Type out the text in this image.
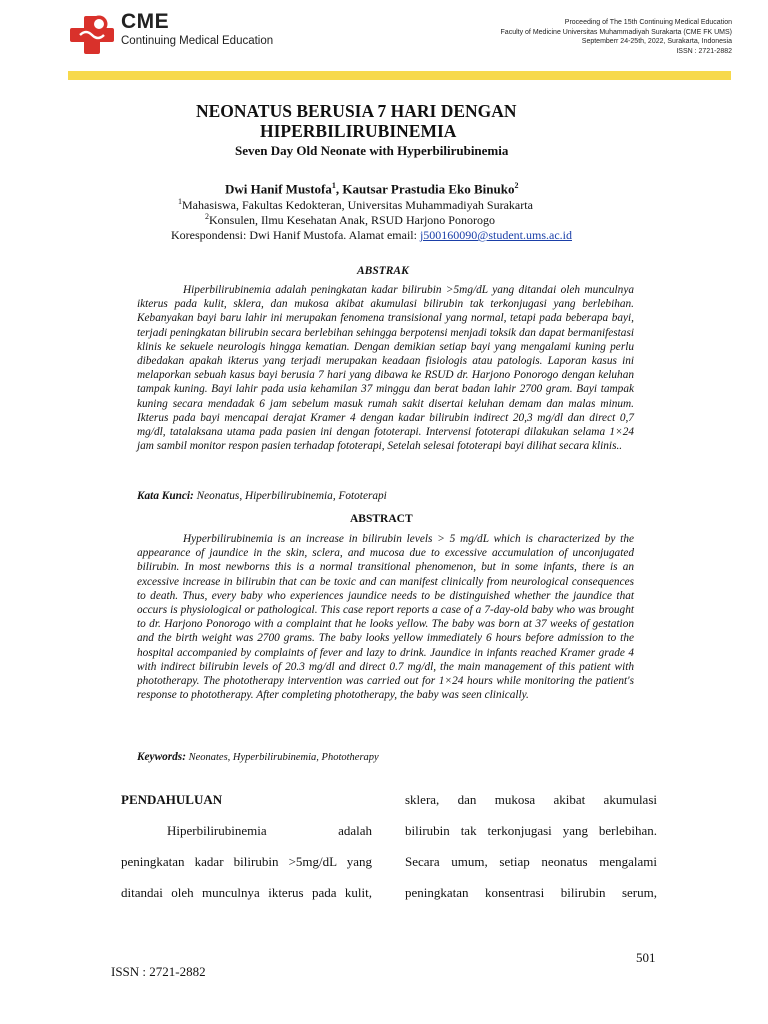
CME
Continuing Medical Education
Proceeding of The 15th Continuing Medical Education
Faculty of Medicine Universitas Muhammadiyah Surakarta (CME FK UMS)
Septemberr 24-25th, 2022, Surakarta, Indonesia
ISSN : 2721-2882
NEONATUS BERUSIA 7 HARI DENGAN
HIPERBILIRUBINEMIA
Seven Day Old Neonate with Hyperbilirubinemia
Dwi Hanif Mustofa$^1$, Kautsar Prastudia Eko Binuko$^2$
$^1$Mahasiswa, Fakultas Kedokteran, Universitas Muhammadiyah Surakarta
$^2$Konsulen, Ilmu Kesehatan Anak, RSUD Harjono Ponorogo
Korespondensi: Dwi Hanif Mustofa. Alamat email: j500160090@student.ums.ac.id
ABSTRAK
Hiperbilirubinemia adalah peningkatan kadar bilirubin >5mg/dL yang ditandai oleh munculnya ikterus pada kulit, sklera, dan mukosa akibat akumulasi bilirubin tak terkonjugasi yang berlebihan. Kebanyakan bayi baru lahir ini merupakan fenomena transisional yang normal, tetapi pada beberapa bayi, terjadi peningkatan bilirubin secara berlebihan sehingga berpotensi menjadi toksik dan dapat bermanifestasi klinis ke sekuele neurologis hingga kematian. Dengan demikian setiap bayi yang mengalami kuning perlu dibedakan apakah ikterus yang terjadi merupakan keadaan fisiologis atau patologis. Laporan kasus ini melaporkan sebuah kasus bayi berusia 7 hari yang dibawa ke RSUD dr. Harjono Ponorogo dengan keluhan tampak kuning. Bayi lahir pada usia kehamilan 37 minggu dan berat badan lahir 2700 gram. Bayi tampak kuning secara mendadak 6 jam sebelum masuk rumah sakit disertai keluhan demam dan malas minum. Ikterus pada bayi mencapai derajat Kramer 4 dengan kadar bilirubin indirect 20,3 mg/dl dan direct 0,7 mg/dl, tatalaksana utama pada pasien ini dengan fototerapi. Intervensi fototerapi dilakukan selama 1×24 jam sambil monitor respon pasien terhadap fototerapi, Setelah selesai fototerapi bayi dilihat secara klinis..
Kata Kunci: Neonatus, Hiperbilirubinemia, Fototerapi
ABSTRACT
Hyperbilirubinemia is an increase in bilirubin levels > 5 mg/dL which is characterized by the appearance of jaundice in the skin, sclera, and mucosa due to excessive accumulation of unconjugated bilirubin. In most newborns this is a normal transitional phenomenon, but in some infants, there is an excessive increase in bilirubin that can be toxic and can manifest clinically from neurological consequences to death. Thus, every baby who experiences jaundice needs to be distinguished whether the jaundice that occurs is physiological or pathological. This case report reports a case of a 7-day-old baby who was brought to dr. Harjono Ponorogo with a complaint that he looks yellow. The baby was born at 37 weeks of gestation and the birth weight was 2700 grams. The baby looks yellow immediately 6 hours before admission to the hospital accompanied by complaints of fever and lazy to drink. Jaundice in infants reached Kramer grade 4 with indirect bilirubin levels of 20.3 mg/dl and direct 0.7 mg/dl, the main management of this patient with phototherapy. The phototherapy intervention was carried out for 1×24 hours while monitoring the patient's response to phototherapy. After completing phototherapy, the baby was seen clinically.
Keywords: Neonates, Hyperbilirubinemia, Phototherapy
PENDAHULUAN
Hiperbilirubinemia adalah
peningkatan kadar bilirubin >5mg/dL yang
ditandai oleh munculnya ikterus pada kulit,
sklera, dan mukosa akibat akumulasi
bilirubin tak terkonjugasi yang berlebihan.
Secara umum, setiap neonatus mengalami
peningkatan konsentrasi bilirubin serum,
501
ISSN : 2721-2882
